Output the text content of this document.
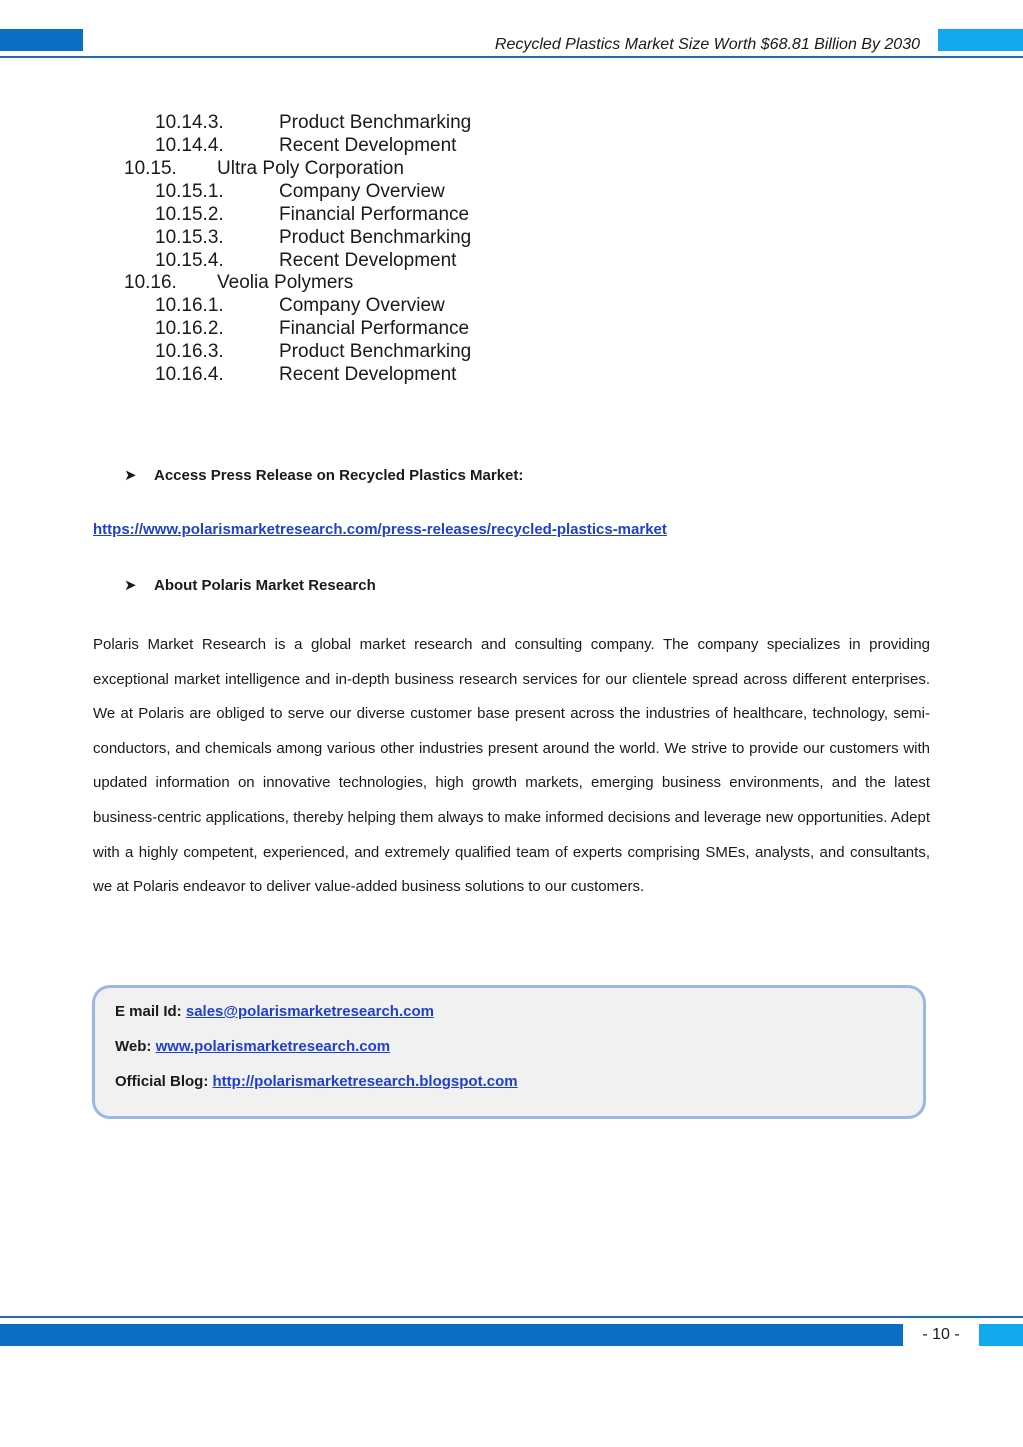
Recycled Plastics Market Size Worth $68.81 Billion By 2030
10.14.3.	Product Benchmarking
10.14.4.	Recent Development
10.15. Ultra Poly Corporation
10.15.1.	Company Overview
10.15.2.	Financial Performance
10.15.3.	Product Benchmarking
10.15.4.	Recent Development
10.16. Veolia Polymers
10.16.1.	Company Overview
10.16.2.	Financial Performance
10.16.3.	Product Benchmarking
10.16.4.	Recent Development
➤ Access Press Release on Recycled Plastics Market:
https://www.polarismarketresearch.com/press-releases/recycled-plastics-market
➤ About Polaris Market Research
Polaris Market Research is a global market research and consulting company. The company specializes in providing exceptional market intelligence and in-depth business research services for our clientele spread across different enterprises. We at Polaris are obliged to serve our diverse customer base present across the industries of healthcare, technology, semi-conductors, and chemicals among various other industries present around the world. We strive to provide our customers with updated information on innovative technologies, high growth markets, emerging business environments, and the latest business-centric applications, thereby helping them always to make informed decisions and leverage new opportunities. Adept with a highly competent, experienced, and extremely qualified team of experts comprising SMEs, analysts, and consultants, we at Polaris endeavor to deliver value-added business solutions to our customers.
E mail Id: sales@polarismarketresearch.com
Web: www.polarismarketresearch.com
Official Blog: http://polarismarketresearch.blogspot.com
- 10 -
